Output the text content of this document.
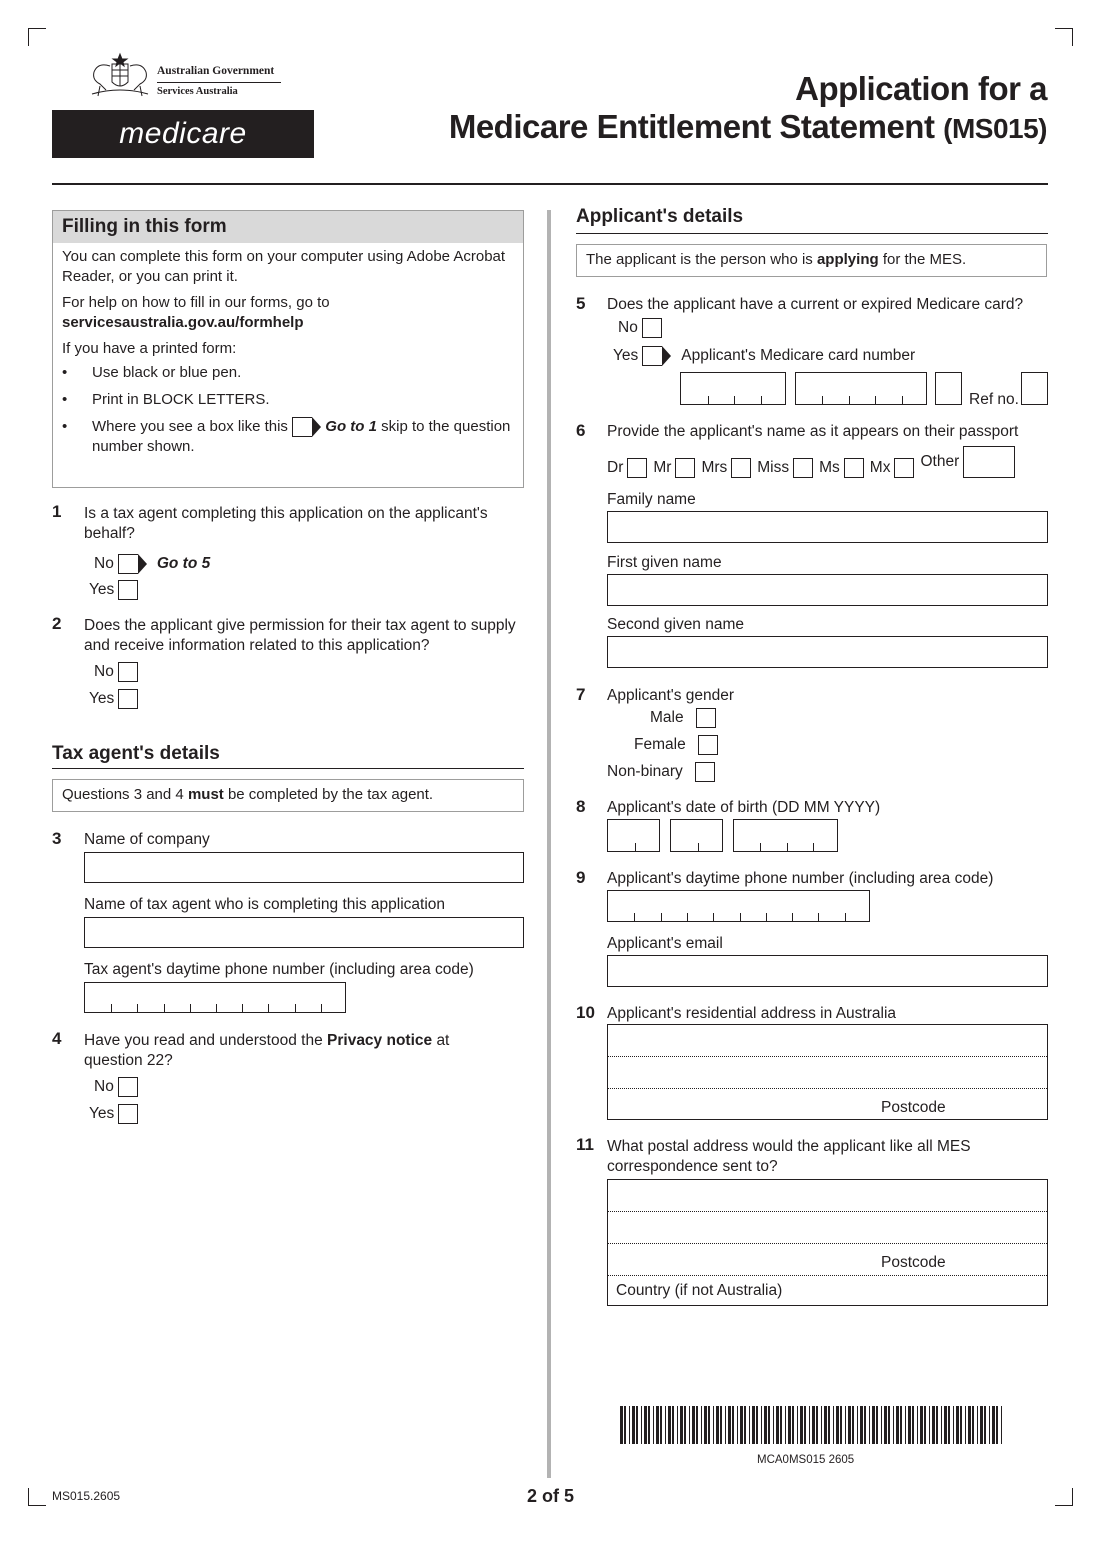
Australian Government
Services Australia
medicare
Application for a
Medicare Entitlement Statement (MS015)
Filling in this form
You can complete this form on your computer using Adobe Acrobat Reader, or you can print it.
For help on how to fill in our forms, go to
servicesaustralia.gov.au/formhelp
If you have a printed form:
•	Use black or blue pen.
•	Print in BLOCK LETTERS.
•	Where you see a box like this Go to 1 skip to the question number shown.
1 Is a tax agent completing this application on the applicant's behalf?
No	Go to 5
Yes
2 Does the applicant give permission for their tax agent to supply and receive information related to this application?
No
Yes
Tax agent's details
Questions 3 and 4 must be completed by the tax agent.
3 Name of company
Name of tax agent who is completing this application
Tax agent's daytime phone number (including area code)
4 Have you read and understood the Privacy notice at question 22?
No
Yes
Applicant's details
The applicant is the person who is applying for the MES.
5 Does the applicant have a current or expired Medicare card?
No
Yes	Applicant's Medicare card number
Ref no.
6 Provide the applicant's name as it appears on their passport
Dr Mr Mrs Miss Ms Mx Other
Family name
First given name
Second given name
7 Applicant's gender
Male
Female
Non-binary
8 Applicant's date of birth (DD MM YYYY)
9 Applicant's daytime phone number (including area code)
Applicant's email
10 Applicant's residential address in Australia
Postcode
11 What postal address would the applicant like all MES correspondence sent to?
Postcode
Country (if not Australia)
MCA0MS015 2605
MS015.2605	2 of 5
